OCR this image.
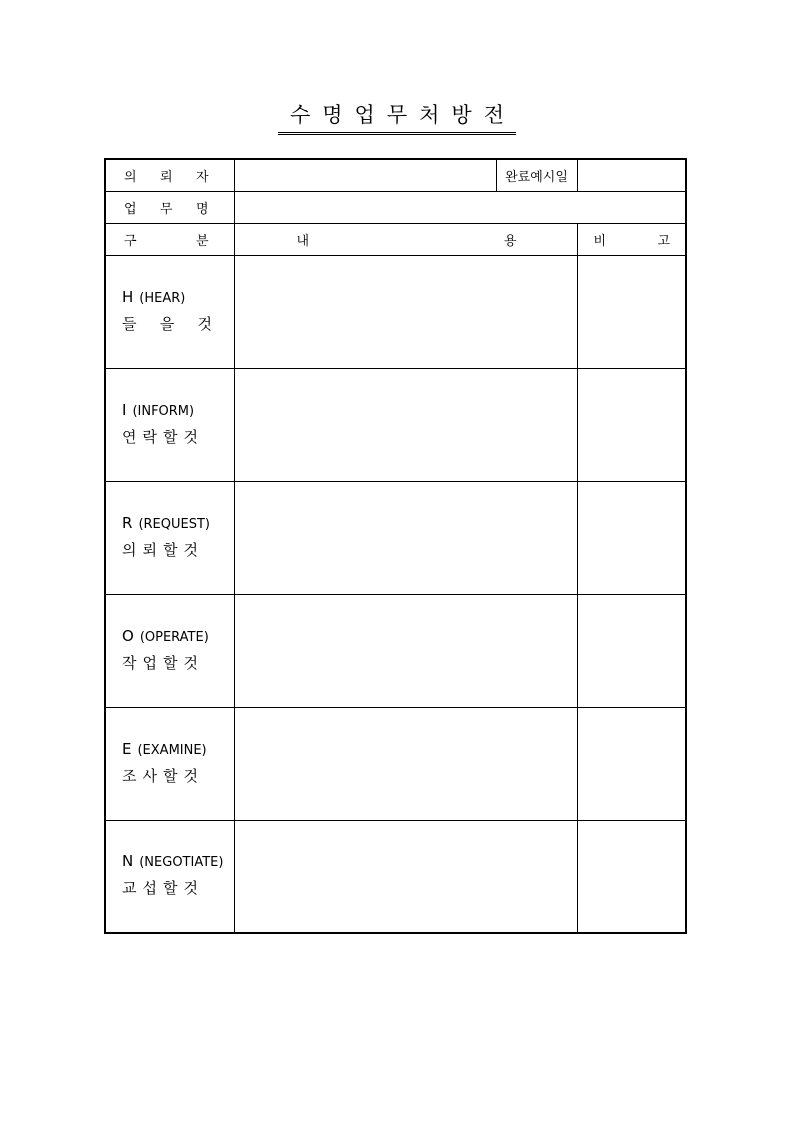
수명업무처방전
의 뢰 자		완료예시일	

업 무 명			

구 분	내 용		비 고

H (HEAR)
들 을 것			

I (INFORM)
연락할것			

R (REQUEST)
의뢰할것			

O (OPERATE)
작업할것			

E (EXAMINE)
조사할것			

N (NEGOTIATE)
교섭할것			
